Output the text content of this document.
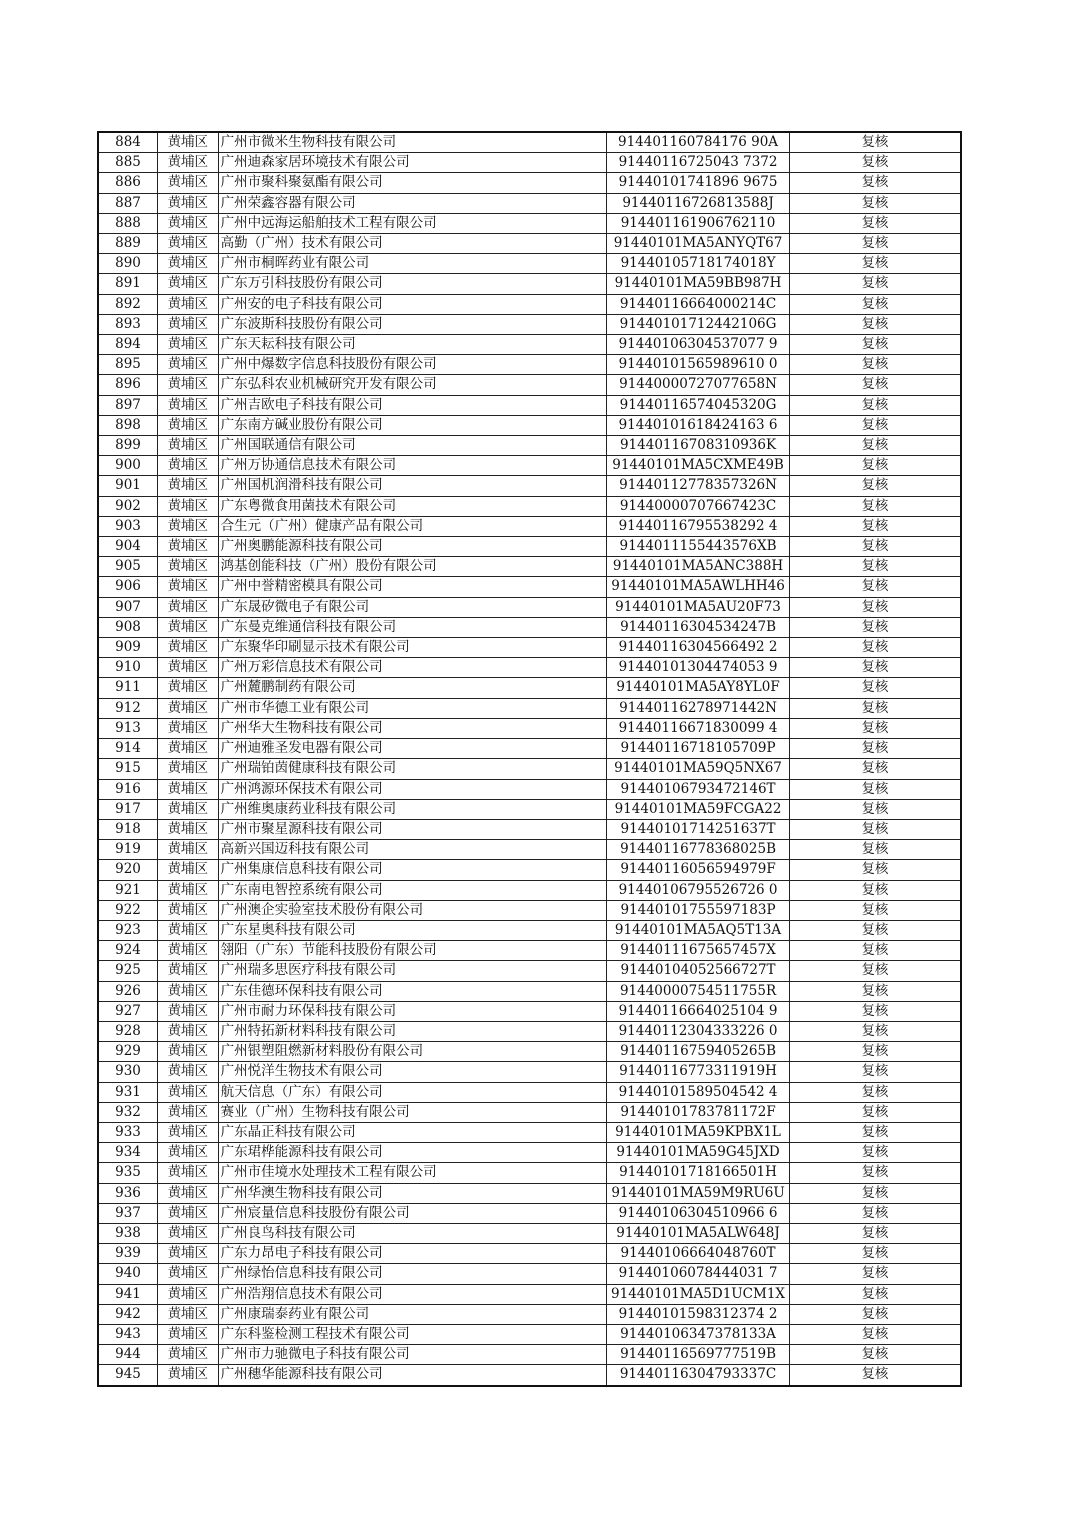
884	黄埔区	广州市微米生物科技有限公司	914401160784176 90A	复核
885	黄埔区	广州迪森家居环境技术有限公司	91440116725043 7372	复核
886	黄埔区	广州市聚科聚氨酯有限公司	91440101741896 9675	复核
887	黄埔区	广州荣鑫容器有限公司	91440116726813588J	复核
888	黄埔区	广州中远海运船舶技术工程有限公司	914401161906762110	复核
889	黄埔区	高勤（广州）技术有限公司	91440101MA5ANYQT67	复核
890	黄埔区	广州市桐晖药业有限公司	91440105718174018Y	复核
891	黄埔区	广东万引科技股份有限公司	91440101MA59BB987H	复核
892	黄埔区	广州安的电子科技有限公司	91440116664000214C	复核
893	黄埔区	广东波斯科技股份有限公司	91440101712442106G	复核
894	黄埔区	广东天耘科技有限公司	91440106304537077 9	复核
895	黄埔区	广州中爆数字信息科技股份有限公司	91440101565989610 0	复核
896	黄埔区	广东弘科农业机械研究开发有限公司	91440000727077658N	复核
897	黄埔区	广州吉欧电子科技有限公司	91440116574045320G	复核
898	黄埔区	广东南方碱业股份有限公司	91440101618424163 6	复核
899	黄埔区	广州国联通信有限公司	91440116708310936K	复核
900	黄埔区	广州万协通信息技术有限公司	91440101MA5CXME49B	复核
901	黄埔区	广州国机润滑科技有限公司	91440112778357326N	复核
902	黄埔区	广东粤微食用菌技术有限公司	91440000707667423C	复核
903	黄埔区	合生元（广州）健康产品有限公司	91440116795538292 4	复核
904	黄埔区	广州奥鹏能源科技有限公司	9144011155443576XB	复核
905	黄埔区	鸿基创能科技（广州）股份有限公司	91440101MA5ANC388H	复核
906	黄埔区	广州中誉精密模具有限公司	91440101MA5AWLHH46	复核
907	黄埔区	广东晟矽微电子有限公司	91440101MA5AU20F73	复核
908	黄埔区	广东曼克维通信科技有限公司	91440116304534247B	复核
909	黄埔区	广东聚华印刷显示技术有限公司	91440116304566492 2	复核
910	黄埔区	广州万彩信息技术有限公司	91440101304474053 9	复核
911	黄埔区	广州麓鹏制药有限公司	91440101MA5AY8YL0F	复核
912	黄埔区	广州市华德工业有限公司	91440116278971442N	复核
913	黄埔区	广州华大生物科技有限公司	91440116671830099 4	复核
914	黄埔区	广州迪雅圣发电器有限公司	91440116718105709P	复核
915	黄埔区	广州瑞铂茵健康科技有限公司	91440101MA59Q5NX67	复核
916	黄埔区	广州鸿源环保技术有限公司	91440106793472146T	复核
917	黄埔区	广州维奥康药业科技有限公司	91440101MA59FCGA22	复核
918	黄埔区	广州市聚星源科技有限公司	91440101714251637T	复核
919	黄埔区	高新兴国迈科技有限公司	91440116778368025B	复核
920	黄埔区	广州集康信息科技有限公司	91440116056594979F	复核
921	黄埔区	广东南电智控系统有限公司	91440106795526726 0	复核
922	黄埔区	广州澳企实验室技术股份有限公司	91440101755597183P	复核
923	黄埔区	广东星奥科技有限公司	91440101MA5AQ5T13A	复核
924	黄埔区	翎阳（广东）节能科技股份有限公司	91440111675657457X	复核
925	黄埔区	广州瑞多思医疗科技有限公司	91440104052566727T	复核
926	黄埔区	广东佳德环保科技有限公司	91440000754511755R	复核
927	黄埔区	广州市耐力环保科技有限公司	91440116664025104 9	复核
928	黄埔区	广州特拓新材料科技有限公司	91440112304333226 0	复核
929	黄埔区	广州银塑阻燃新材料股份有限公司	91440116759405265B	复核
930	黄埔区	广州悦洋生物技术有限公司	91440116773311919H	复核
931	黄埔区	航天信息（广东）有限公司	91440101589504542 4	复核
932	黄埔区	赛业（广州）生物科技有限公司	91440101783781172F	复核
933	黄埔区	广东晶正科技有限公司	91440101MA59KPBX1L	复核
934	黄埔区	广东珺桦能源科技有限公司	91440101MA59G45JXD	复核
935	黄埔区	广州市佳境水处理技术工程有限公司	91440101718166501H	复核
936	黄埔区	广州华澳生物科技有限公司	91440101MA59M9RU6U	复核
937	黄埔区	广州宸量信息科技股份有限公司	91440106304510966 6	复核
938	黄埔区	广州良鸟科技有限公司	91440101MA5ALW648J	复核
939	黄埔区	广东力昂电子科技有限公司	91440106664048760T	复核
940	黄埔区	广州绿怡信息科技有限公司	91440106078444031 7	复核
941	黄埔区	广州浩翔信息技术有限公司	91440101MA5D1UCM1X	复核
942	黄埔区	广州康瑞泰药业有限公司	91440101598312374 2	复核
943	黄埔区	广东科鉴检测工程技术有限公司	91440106347378133A	复核
944	黄埔区	广州市力驰微电子科技有限公司	91440116569777519B	复核
945	黄埔区	广州穗华能源科技有限公司	91440116304793337C	复核
